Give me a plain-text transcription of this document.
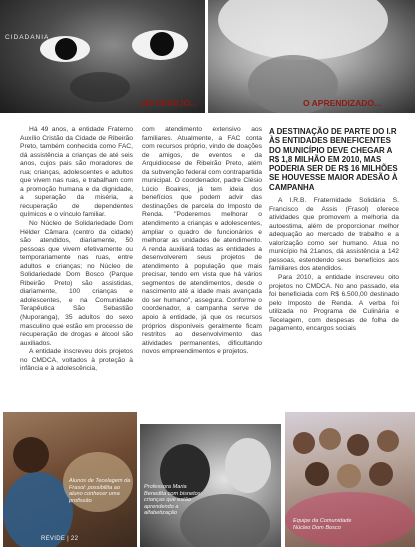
CIDADANIA
UM DESEJO...	O APRENDIZADO...

Há 49 anos, a entidade Fraterno Auxílio Cristão da Cidade de Ribeirão Preto, também conhecida como FAC, dá assistência a crianças de até seis anos, cujos pais são moradores de rua; crianças, adolescentes e adultos que vivem nas ruas, e trabalham com a promoção humana e da dignidade, a superação da miséria, a recuperação de dependentes químicos e o vínculo familiar.

No Núcleo de Solidariedade Dom Hélder Câmara (centro da cidade) são atendidos, diariamente, 50 pessoas que vivem efetivamente ou temporariamente nas ruas, entre adultos e crianças; no Núcleo de Solidariedade Dom Bosco (Parque Ribeirão Preto) são assistidas, diariamente, 100 crianças e adolescentes, e na Comunidade Terapêutica São Sebastião (Nuporanga), 35 adultos do sexo masculino que estão em processo de recuperação de drogas e álcool são auxiliados.

A entidade inscreveu dois projetos no CMDCA, voltados à proteção à infância e à adolescência,

com atendimento extensivo aos familiares. Atualmente, a FAC conta com recursos próprio, vindo de doações de amigos, de eventos e da Arquidiocese de Ribeirão Preto, além da subvenção federal com contrapartida municipal. O coordenador, padre Clésio Lúcio Boaires, já tem ideia dos benefícios que podem advir das destinações de parcela do Imposto de Renda. "Poderemos melhorar o atendimento a crianças e adolescentes, ampliar o quadro de funcionários e melhorar as unidades de atendimento. A renda auxiliará todas as entidades a desenvolverem seus projetos de atendimento à população que mais precisar, tendo em vista que há vários segmentos de atendimentos, desde o nascimento até a idade mais avançada do ser humano", assegura. Conforme o coordenador, a campanha serve de apoio à entidade, já que os recursos próprios disponíveis geralmente ficam restritos ao desenvolvimento das atividades permanentes, dificultando novos empreendimentos e projetos.

A DESTINAÇÃO DE PARTE DO I.R ÀS ENTIDADES BENEFICENTES DO MUNICÍPIO DEVE CHEGAR A R$ 1,8 MILHÃO EM 2010, MAS PODERIA SER DE R$ 16 MILHÕES SE HOUVESSE MAIOR ADESÃO À CAMPANHA

A I.R.B. Fraternidade Solidária S. Francisco de Assis (Frasol) oferece atividades que promovem a melhoria da autoestima, além de proporcionar melhor adequação ao mercado de trabalho e a valorização como ser humano. Atua no município há 21anos, dá assistência a 142 pessoas, estendendo seus benefícios aos familiares dos atendidos.

Para 2010, a entidade inscreveu oito projetos no CMDCA. No ano passado, ela foi beneficiada com R$ 6.500,00 destinado pelo Imposto de Renda. A verba foi utilizada no Programa de Culinária e Tecelagem, com despesas de folha de pagamento, encargos sociais

Alunos de Tecelagem da Frasol: possibilita ao aluno conhecer uma profissão
REVIDE | 22
Professora Maria Benedita com bisnetos: crianças que estão aprendendo a alfabetização
Equipe da Comunidade Núcleo Dom Bosco
